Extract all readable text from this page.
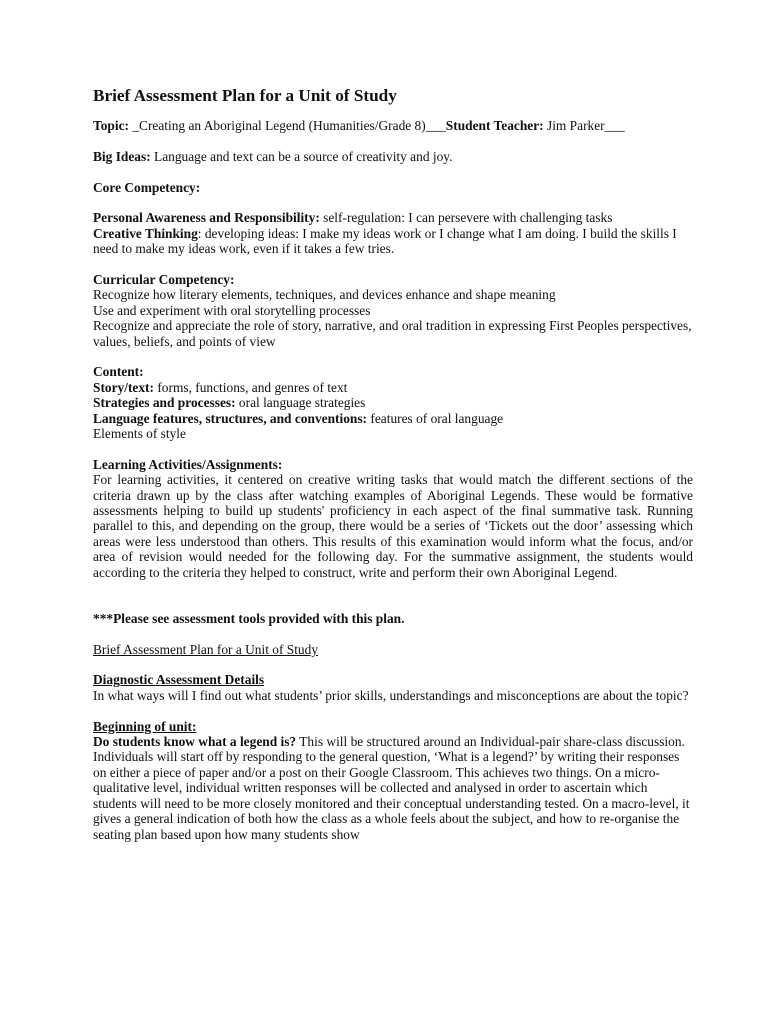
Brief Assessment Plan for a Unit of Study

Topic: _Creating an Aboriginal Legend (Humanities/Grade 8)___Student Teacher: Jim Parker___

Big Ideas: Language and text can be a source of creativity and joy.

Core Competency:

Personal Awareness and Responsibility: self-regulation: I can persevere with challenging tasks

Creative Thinking: developing ideas: I make my ideas work or I change what I am doing. I build the skills I need to make my ideas work, even if it takes a few tries.

Curricular Competency:

Recognize how literary elements, techniques, and devices enhance and shape meaning

Use and experiment with oral storytelling processes

Recognize and appreciate the role of story, narrative, and oral tradition in expressing First Peoples perspectives, values, beliefs, and points of view

Content:

Story/text: forms, functions, and genres of text

Strategies and processes: oral language strategies

Language features, structures, and conventions: features of oral language

Elements of style

Learning Activities/Assignments:

For learning activities, it centered on creative writing tasks that would match the different sections of the criteria drawn up by the class after watching examples of Aboriginal Legends. These would be formative assessments helping to build up students' proficiency in each aspect of the final summative task. Running parallel to this, and depending on the group, there would be a series of ‘Tickets out the door’ assessing which areas were less understood than others. This results of this examination would inform what the focus, and/or area of revision would needed for the following day. For the summative assignment, the students would according to the criteria they helped to construct, write and perform their own Aboriginal Legend.

***Please see assessment tools provided with this plan.

Brief Assessment Plan for a Unit of Study

Diagnostic Assessment Details

In what ways will I find out what students’ prior skills, understandings and misconceptions are about the topic?

Beginning of unit:

Do students know what a legend is? This will be structured around an Individual-pair share-class discussion. Individuals will start off by responding to the general question, ‘What is a legend?’ by writing their responses on either a piece of paper and/or a post on their Google Classroom. This achieves two things. On a micro-qualitative level, individual written responses will be collected and analysed in order to ascertain which students will need to be more closely monitored and their conceptual understanding tested. On a macro-level, it gives a general indication of both how the class as a whole feels about the subject, and how to re-organise the seating plan based upon how many students show
